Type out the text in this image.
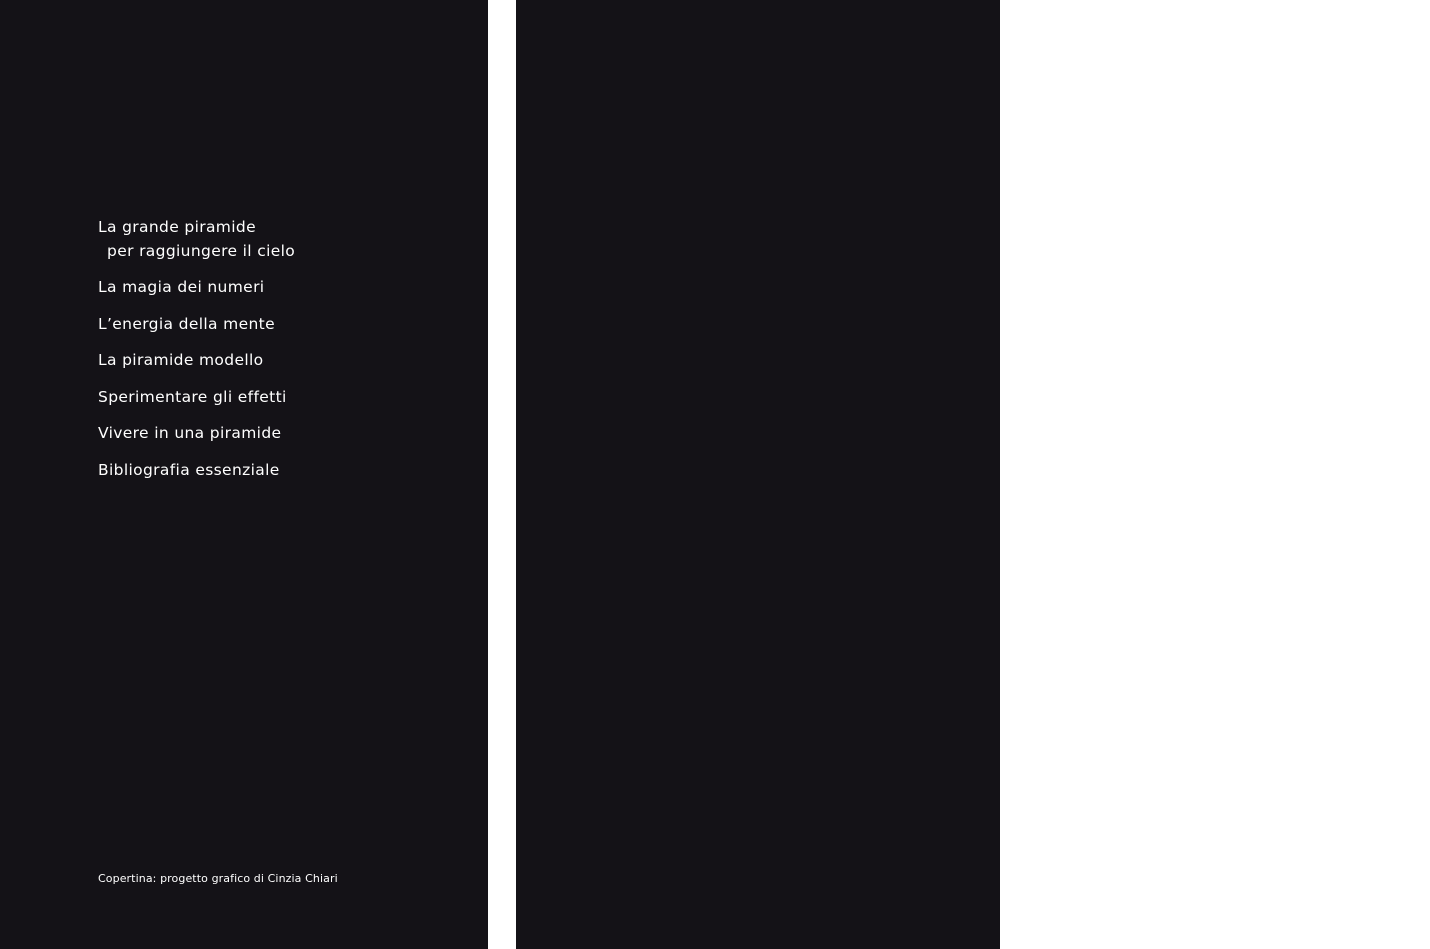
La grande piramide
per raggiungere il cielo
La magia dei numeri
L’energia della mente
La piramide modello
Sperimentare gli effetti
Vivere in una piramide
Bibliografia essenziale
Copertina: progetto grafico di Cinzia Chiari

Nelle pagine di questo libro si ripercorre la storia delle diverse costruzioni piramidali erette nel mondo.

Poderose costruzioni destinate a oltrepassare indenni molti secoli, non furono infatti edificate esclusivamente in Egitto, ma anche in Asia o nelle Americhe. Per un destino analogo a quello delle costruzioni egiziane, anche le splendide piramidi precolombiane, nate come templi e situate nell’America Centro Meridionale, nascondono misteri che meritano di essere esplorati.

All’interno del volume sono presentate le diverse teorie formulate in relazione ai poteri segreti delle piramidi; teorie che possono essere considerate, di volta in volta, credibili o fantastiche, ma la cui esistenza testimonia in modo innegabile un fenomeno unico: l’immenso interesse che circonda le piramidi.
